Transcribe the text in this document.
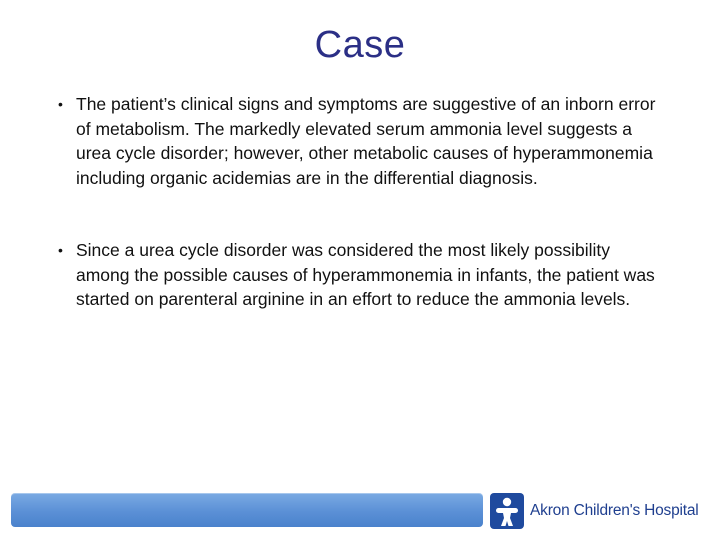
Case
• The patient’s clinical signs and symptoms are suggestive of an inborn error of metabolism. The markedly elevated serum ammonia level suggests a urea cycle disorder; however, other metabolic causes of hyperammonemia including organic acidemias are in the differential diagnosis.
• Since a urea cycle disorder was considered the most likely possibility among the possible causes of hyperammonemia in infants, the patient was started on parenteral arginine in an effort to reduce the ammonia levels.
Akron Children's Hospital
